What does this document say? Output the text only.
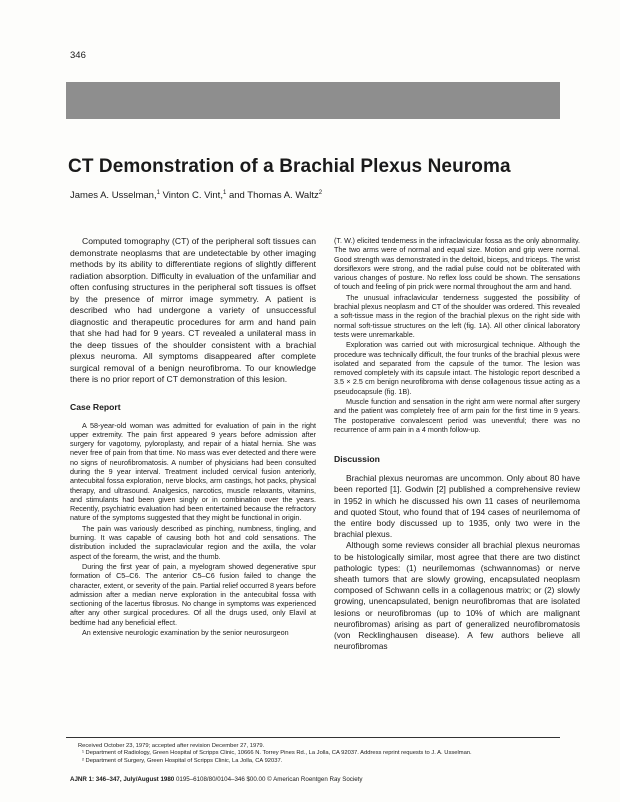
346
CT Demonstration of a Brachial Plexus Neuroma
James A. Usselman,$^1$ Vinton C. Vint,$^1$ and Thomas A. Waltz$^2$

Computed tomography (CT) of the peripheral soft tissues can demonstrate neoplasms that are undetectable by other imaging methods by its ability to differentiate regions of slightly different radiation absorption. Difficulty in evaluation of the unfamiliar and often confusing structures in the peripheral soft tissues is offset by the presence of mirror image symmetry. A patient is described who had undergone a variety of unsuccessful diagnostic and therapeutic procedures for arm and hand pain that she had had for 9 years. CT revealed a unilateral mass in the deep tissues of the shoulder consistent with a brachial plexus neuroma. All symptoms disappeared after complete surgical removal of a benign neurofibroma. To our knowledge there is no prior report of CT demonstration of this lesion.

Case Report

A 58-year-old woman was admitted for evaluation of pain in the right upper extremity. The pain first appeared 9 years before admission after surgery for vagotomy, pyloroplasty, and repair of a hiatal hernia. She was never free of pain from that time. No mass was ever detected and there were no signs of neurofibromatosis. A number of physicians had been consulted during the 9 year interval. Treatment included cervical fusion anteriorly, antecubital fossa exploration, nerve blocks, arm castings, hot packs, physical therapy, and ultrasound. Analgesics, narcotics, muscle relaxants, vitamins, and stimulants had been given singly or in combination over the years. Recently, psychiatric evaluation had been entertained because the refractory nature of the symptoms suggested that they might be functional in origin.

The pain was variously described as pinching, numbness, tingling, and burning. It was capable of causing both hot and cold sensations. The distribution included the supraclavicular region and the axilla, the volar aspect of the forearm, the wrist, and the thumb.

During the first year of pain, a myelogram showed degenerative spur formation of C5–C6. The anterior C5–C6 fusion failed to change the character, extent, or severity of the pain. Partial relief occurred 8 years before admission after a median nerve exploration in the antecubital fossa with sectioning of the lacertus fibrosus. No change in symptoms was experienced after any other surgical procedures. Of all the drugs used, only Elavil at bedtime had any beneficial effect.

An extensive neurologic examination by the senior neurosurgeon

(T. W.) elicited tenderness in the infraclavicular fossa as the only abnormality. The two arms were of normal and equal size. Motion and grip were normal. Good strength was demonstrated in the deltoid, biceps, and triceps. The wrist dorsiflexors were strong, and the radial pulse could not be obliterated with various changes of posture. No reflex loss could be shown. The sensations of touch and feeling of pin prick were normal throughout the arm and hand.

The unusual infraclavicular tenderness suggested the possibility of brachial plexus neoplasm and CT of the shoulder was ordered. This revealed a soft-tissue mass in the region of the brachial plexus on the right side with normal soft-tissue structures on the left (fig. 1A). All other clinical laboratory tests were unremarkable.

Exploration was carried out with microsurgical technique. Although the procedure was technically difficult, the four trunks of the brachial plexus were isolated and separated from the capsule of the tumor. The lesion was removed completely with its capsule intact. The histologic report described a 3.5 × 2.5 cm benign neurofibroma with dense collagenous tissue acting as a pseudocapsule (fig. 1B).

Muscle function and sensation in the right arm were normal after surgery and the patient was completely free of arm pain for the first time in 9 years. The postoperative convalescent period was uneventful; there was no recurrence of arm pain in a 4 month follow-up.

Discussion

Brachial plexus neuromas are uncommon. Only about 80 have been reported [1]. Godwin [2] published a comprehensive review in 1952 in which he discussed his own 11 cases of neurilemoma and quoted Stout, who found that of 194 cases of neurilemoma of the entire body discussed up to 1935, only two were in the brachial plexus.

Although some reviews consider all brachial plexus neuromas to be histologically similar, most agree that there are two distinct pathologic types: (1) neurilemomas (schwannomas) or nerve sheath tumors that are slowly growing, encapsulated neoplasm composed of Schwann cells in a collagenous matrix; or (2) slowly growing, unencapsulated, benign neurofibromas that are isolated lesions or neurofibromas (up to 10% of which are malignant neurofibromas) arising as part of generalized neurofibromatosis (von Recklinghausen disease). A few authors believe all neurofibromas

Received October 23, 1979; accepted after revision December 27, 1979.

¹ Department of Radiology, Green Hospital of Scripps Clinic, 10666 N. Torrey Pines Rd., La Jolla, CA 92037. Address reprint requests to J. A. Usselman.

² Department of Surgery, Green Hospital of Scripps Clinic, La Jolla, CA 92037.

AJNR 1: 346–347, July/August 1980 0195–6108/80/0104–346 $00.00 © American Roentgen Ray Society
